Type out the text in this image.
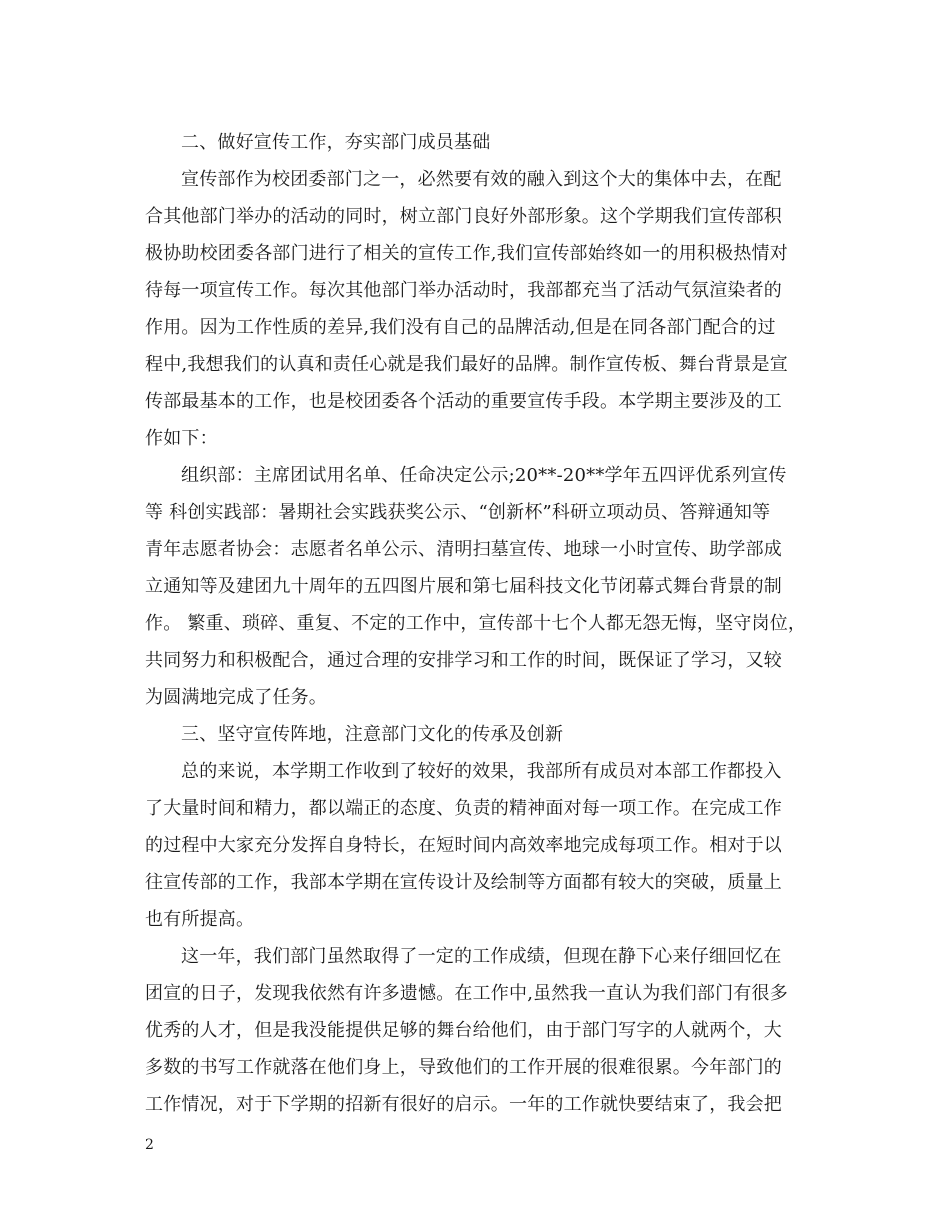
二、做好宣传工作，夯实部门成员基础
宣传部作为校团委部门之一，必然要有效的融入到这个大的集体中去，在配
合其他部门举办的活动的同时，树立部门良好外部形象。这个学期我们宣传部积
极协助校团委各部门进行了相关的宣传工作,我们宣传部始终如一的用积极热情对
待每一项宣传工作。每次其他部门举办活动时，我部都充当了活动气氛渲染者的
作用。因为工作性质的差异,我们没有自己的品牌活动,但是在同各部门配合的过
程中,我想我们的认真和责任心就是我们最好的品牌。制作宣传板、舞台背景是宣
传部最基本的工作，也是校团委各个活动的重要宣传手段。本学期主要涉及的工
作如下：
组织部：主席团试用名单、任命决定公示;20**-20**学年五四评优系列宣传
等 科创实践部：暑期社会实践获奖公示、“创新杯”科研立项动员、答辩通知等
青年志愿者协会：志愿者名单公示、清明扫墓宣传、地球一小时宣传、助学部成
立通知等及建团九十周年的五四图片展和第七届科技文化节闭幕式舞台背景的制
作。 繁重、琐碎、重复、不定的工作中，宣传部十七个人都无怨无悔，坚守岗位，
共同努力和积极配合，通过合理的安排学习和工作的时间，既保证了学习，又较
为圆满地完成了任务。
三、坚守宣传阵地，注意部门文化的传承及创新
总的来说，本学期工作收到了较好的效果，我部所有成员对本部工作都投入
了大量时间和精力，都以端正的态度、负责的精神面对每一项工作。在完成工作
的过程中大家充分发挥自身特长，在短时间内高效率地完成每项工作。相对于以
往宣传部的工作，我部本学期在宣传设计及绘制等方面都有较大的突破，质量上
也有所提高。
这一年，我们部门虽然取得了一定的工作成绩，但现在静下心来仔细回忆在
团宣的日子，发现我依然有许多遗憾。在工作中,虽然我一直认为我们部门有很多
优秀的人才，但是我没能提供足够的舞台给他们，由于部门写字的人就两个，大
多数的书写工作就落在他们身上，导致他们的工作开展的很难很累。今年部门的
工作情况，对于下学期的招新有很好的启示。一年的工作就快要结束了，我会把
2
